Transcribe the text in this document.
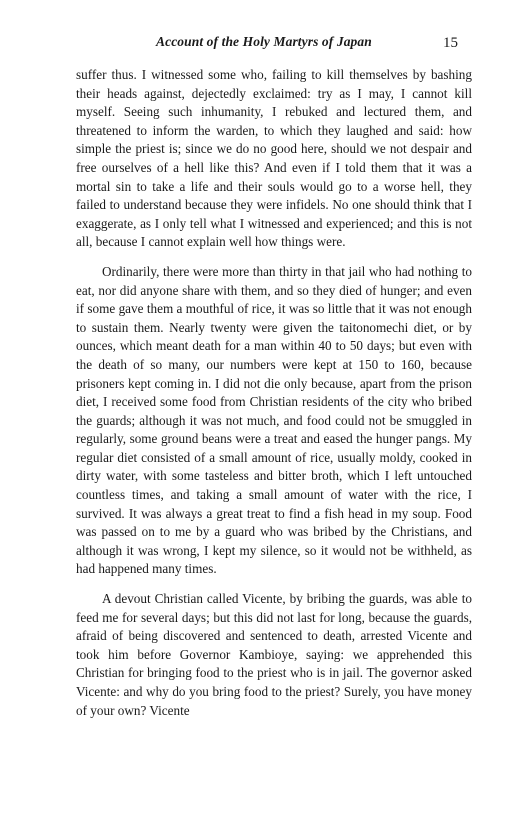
Account of the Holy Martyrs of Japan	15

suffer thus. I witnessed some who, failing to kill themselves by bashing their heads against, dejectedly exclaimed: try as I may, I cannot kill myself. Seeing such inhumanity, I rebuked and lectured them, and threatened to inform the warden, to which they laughed and said: how simple the priest is; since we do no good here, should we not despair and free ourselves of a hell like this? And even if I told them that it was a mortal sin to take a life and their souls would go to a worse hell, they failed to understand because they were infidels. No one should think that I exaggerate, as I only tell what I witnessed and experienced; and this is not all, because I cannot explain well how things were.

Ordinarily, there were more than thirty in that jail who had nothing to eat, nor did anyone share with them, and so they died of hunger; and even if some gave them a mouthful of rice, it was so little that it was not enough to sustain them. Nearly twenty were given the taitonomechi diet, or by ounces, which meant death for a man within 40 to 50 days; but even with the death of so many, our numbers were kept at 150 to 160, because prisoners kept coming in. I did not die only because, apart from the prison diet, I received some food from Christian residents of the city who bribed the guards; although it was not much, and food could not be smuggled in regularly, some ground beans were a treat and eased the hunger pangs. My regular diet consisted of a small amount of rice, usually moldy, cooked in dirty water, with some tasteless and bitter broth, which I left untouched countless times, and taking a small amount of water with the rice, I survived. It was always a great treat to find a fish head in my soup. Food was passed on to me by a guard who was bribed by the Christians, and although it was wrong, I kept my silence, so it would not be withheld, as had happened many times.

A devout Christian called Vicente, by bribing the guards, was able to feed me for several days; but this did not last for long, because the guards, afraid of being discovered and sentenced to death, arrested Vicente and took him before Governor Kambioye, saying: we apprehended this Christian for bringing food to the priest who is in jail. The governor asked Vicente: and why do you bring food to the priest? Surely, you have money of your own? Vicente
